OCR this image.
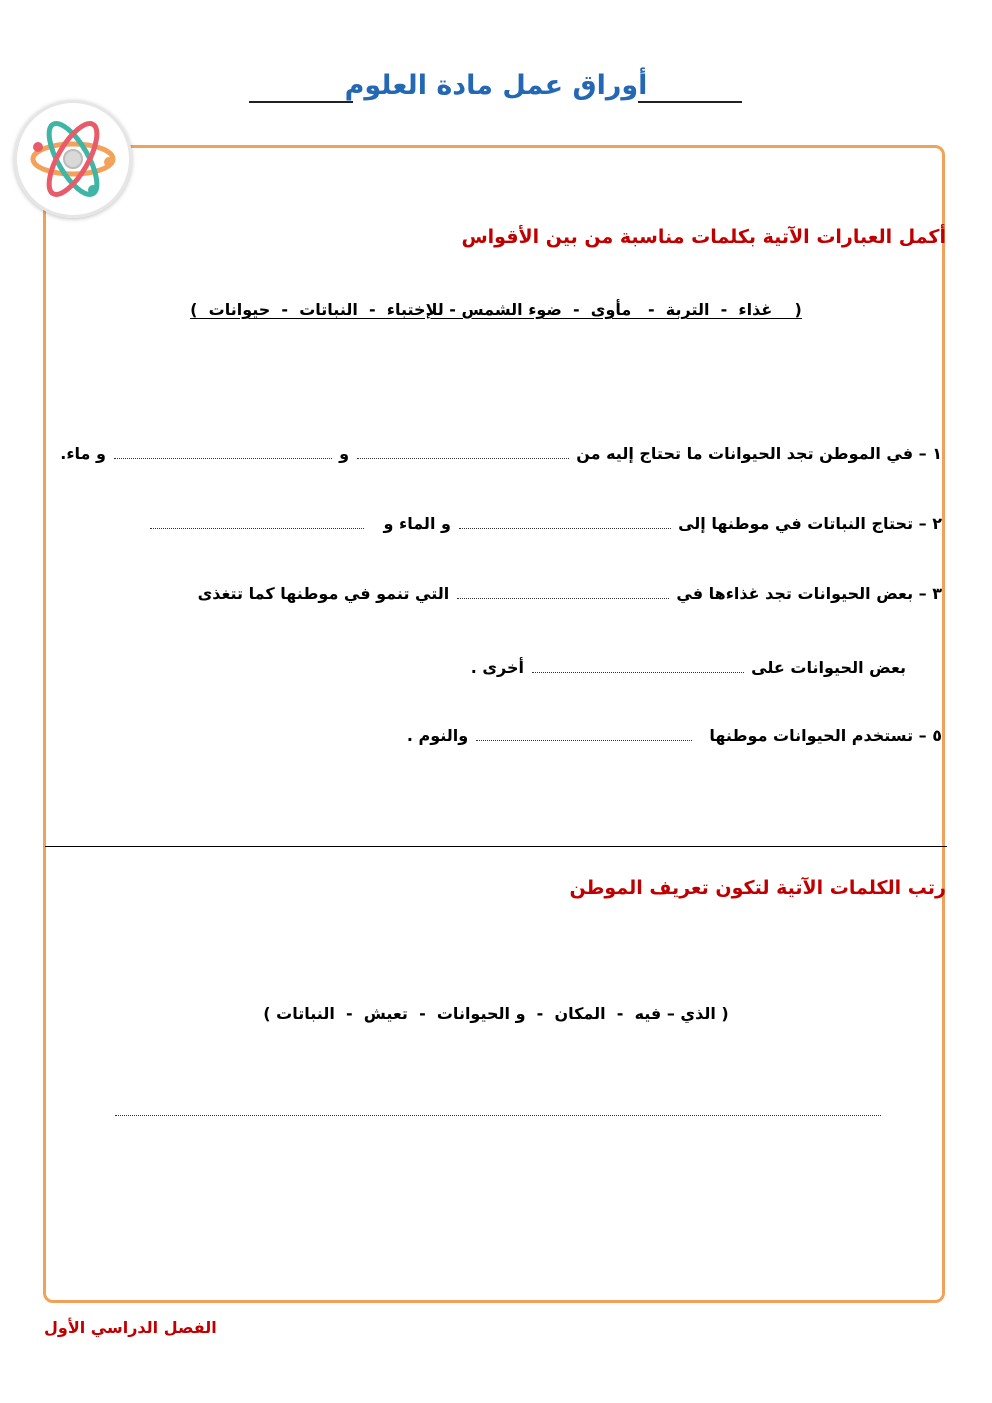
أوراق عمل مادة العلوم
أكمل العبارات الآتية بكلمات مناسبة من بين الأقواس
(    غذاء  -  التربة  -   مأوى  -  ضوء الشمس - للإختباء  -  النباتات  -  حيوانات  )
١ – في الموطن تجد الحيوانات ما تحتاج إليه من  و  و ماء.
٢ – تحتاج النباتات في موطنها إلى  و الماء و
٣ – بعض الحيوانات تجد غذاءها في  التي تنمو في موطنها كما تتغذى
بعض الحيوانات على  أخرى .
٥ – تستخدم الحيوانات موطنها  والنوم .
رتب الكلمات الآتية لتكون تعريف الموطن
( الذي – فيه  -  المكان  -  و الحيوانات  -  تعيش  -  النباتات )
الفصل الدراسي الأول
